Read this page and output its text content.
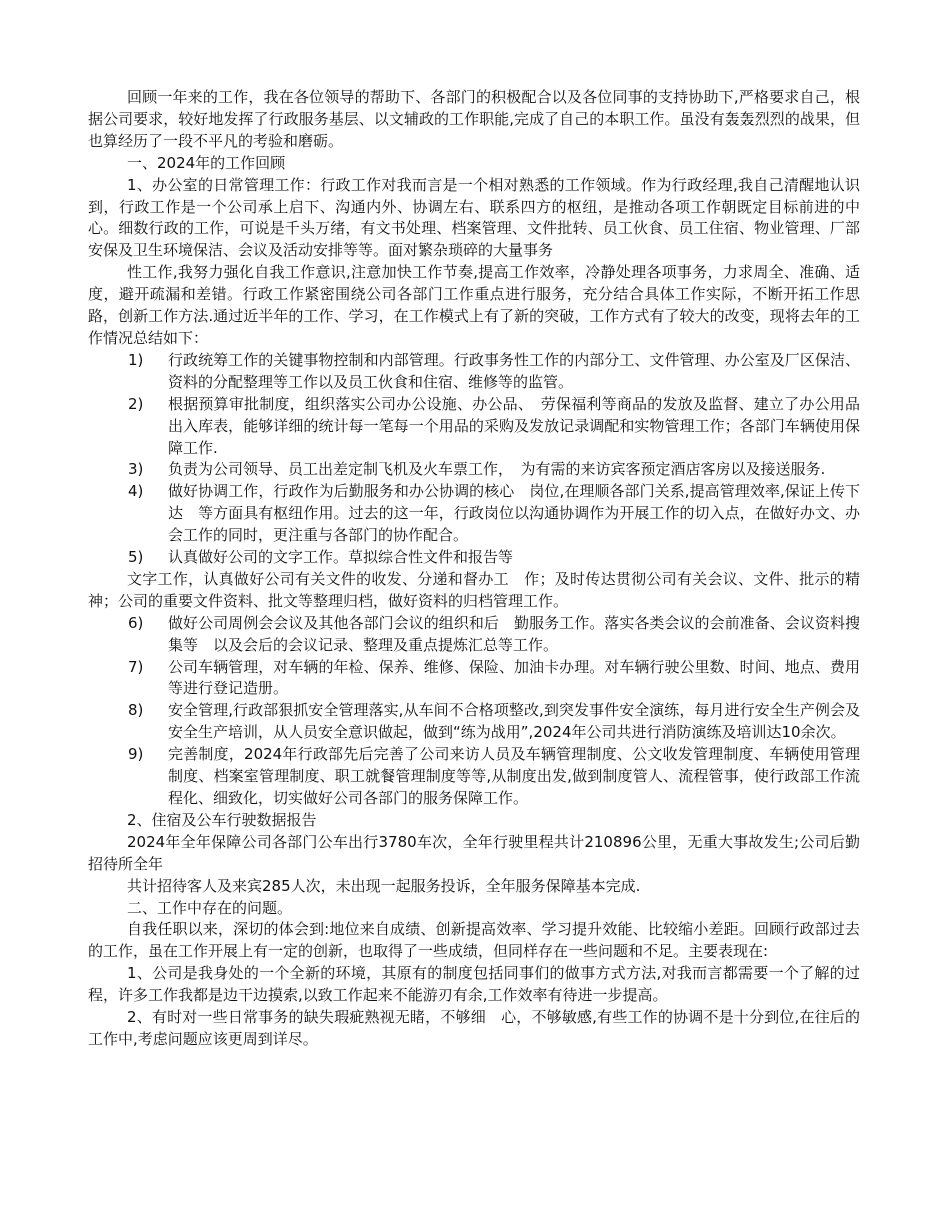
回顾一年来的工作，我在各位领导的帮助下、各部门的积极配合以及各位同事的支持协助下,严格要求自己，根据公司要求，较好地发挥了行政服务基层、以文辅政的工作职能,完成了自己的本职工作。虽没有轰轰烈烈的战果，但也算经历了一段不平凡的考验和磨砺。

一、2024年的工作回顾

1、办公室的日常管理工作：行政工作对我而言是一个相对熟悉的工作领域。作为行政经理,我自己清醒地认识到，行政工作是一个公司承上启下、沟通内外、协调左右、联系四方的枢纽，是推动各项工作朝既定目标前进的中心。细数行政的工作，可说是千头万绪，有文书处理、档案管理、文件批转、员工伙食、员工住宿、物业管理、厂部安保及卫生环境保洁、会议及活动安排等等。面对繁杂琐碎的大量事务

性工作,我努力强化自我工作意识,注意加快工作节奏,提高工作效率，冷静处理各项事务，力求周全、准确、适度，避开疏漏和差错。行政工作紧密围绕公司各部门工作重点进行服务，充分结合具体工作实际，不断开拓工作思路，创新工作方法.通过近半年的工作、学习，在工作模式上有了新的突破，工作方式有了较大的改变，现将去年的工作情况总结如下：

1)	行政统筹工作的关键事物控制和内部管理。行政事务性工作的内部分工、文件管理、办公室及厂区保洁、资料的分配整理等工作以及员工伙食和住宿、维修等的监管。
2)	根据预算审批制度，组织落实公司办公设施、办公品、　劳保福利等商品的发放及监督、建立了办公用品出入库表，能够详细的统计每一笔每一个用品的采购及发放记录调配和实物管理工作；各部门车辆使用保障工作.
3)	负责为公司领导、员工出差定制飞机及火车票工作，　为有需的来访宾客预定酒店客房以及接送服务.
4)	做好协调工作，行政作为后勤服务和办公协调的核心　岗位,在理顺各部门关系,提高管理效率,保证上传下达　等方面具有枢纽作用。过去的这一年，行政岗位以沟通协调作为开展工作的切入点，在做好办文、办会工作的同时，更注重与各部门的协作配合。
5)	认真做好公司的文字工作。草拟综合性文件和报告等

文字工作，认真做好公司有关文件的收发、分递和督办工　作；及时传达贯彻公司有关会议、文件、批示的精神；公司的重要文件资料、批文等整理归档，做好资料的归档管理工作。

6)	做好公司周例会会议及其他各部门会议的组织和后　勤服务工作。落实各类会议的会前准备、会议资料搜集等　以及会后的会议记录、整理及重点提炼汇总等工作。
7)	公司车辆管理，对车辆的年检、保养、维修、保险、加油卡办理。对车辆行驶公里数、时间、地点、费用等进行登记造册。
8)	安全管理,行政部狠抓安全管理落实,从车间不合格项整改,到突发事件安全演练，每月进行安全生产例会及安全生产培训，从人员安全意识做起，做到“练为战用”,2024年公司共进行消防演练及培训达10余次。
9)	完善制度，2024年行政部先后完善了公司来访人员及车辆管理制度、公文收发管理制度、车辆使用管理制度、档案室管理制度、职工就餐管理制度等等,从制度出发,做到制度管人、流程管事，使行政部工作流程化、细致化，切实做好公司各部门的服务保障工作。

2、住宿及公车行驶数据报告

2024年全年保障公司各部门公车出行3780车次，全年行驶里程共计210896公里，无重大事故发生;公司后勤招待所全年

共计招待客人及来宾285人次，未出现一起服务投诉，全年服务保障基本完成.

二、工作中存在的问题。

自我任职以来，深切的体会到:地位来自成绩、创新提高效率、学习提升效能、比较缩小差距。回顾行政部过去的工作，虽在工作开展上有一定的创新，也取得了一些成绩，但同样存在一些问题和不足。主要表现在:

1、公司是我身处的一个全新的环境，其原有的制度包括同事们的做事方式方法,对我而言都需要一个了解的过程，许多工作我都是边干边摸索,以致工作起来不能游刃有余,工作效率有待进一步提高。

2、有时对一些日常事务的缺失瑕疵熟视无睹，不够细　心，不够敏感,有些工作的协调不是十分到位,在往后的工作中,考虑问题应该更周到详尽。
